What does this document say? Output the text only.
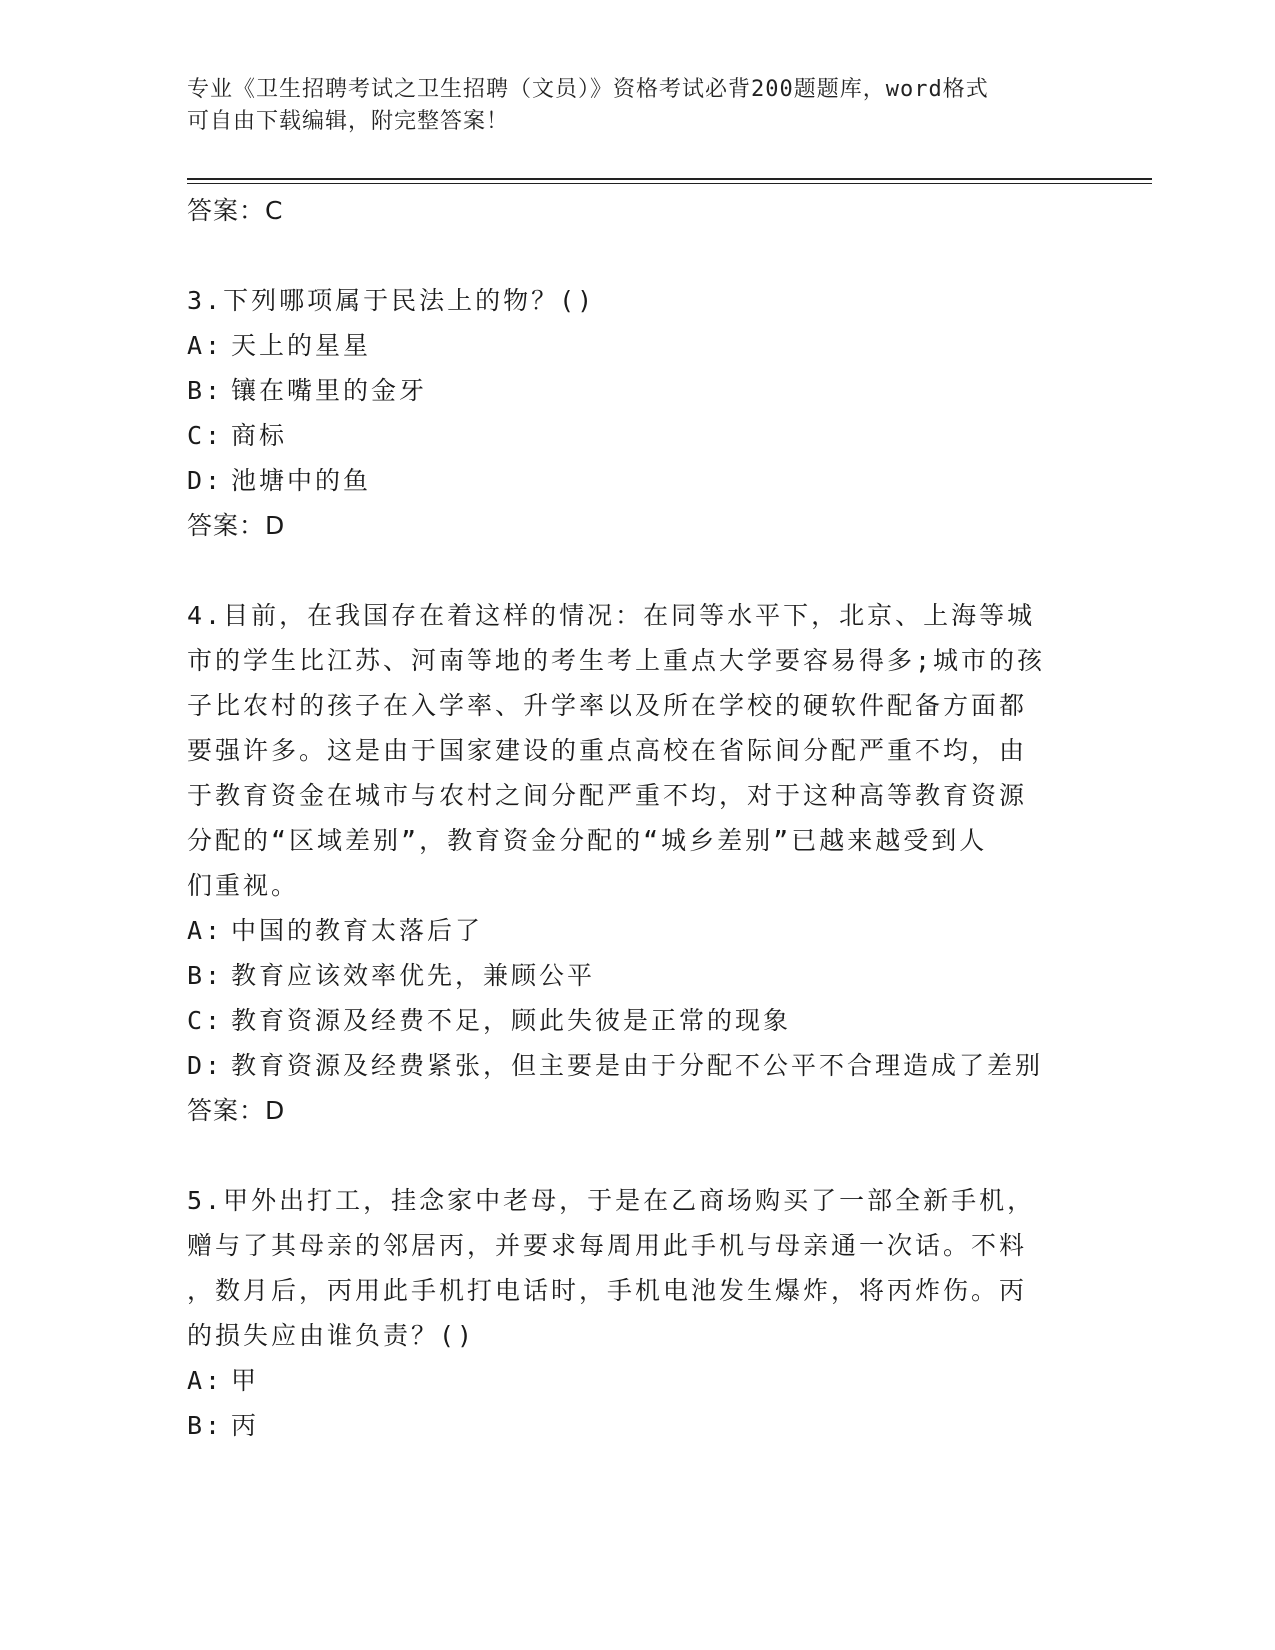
专业《卫生招聘考试之卫生招聘（文员）》资格考试必背200题题库，word格式

可自由下载编辑，附完整答案！

答案：C

3.下列哪项属于民法上的物？()

A: 天上的星星

B: 镶在嘴里的金牙

C: 商标

D: 池塘中的鱼

答案：D

4.目前，在我国存在着这样的情况：在同等水平下，北京、上海等城

市的学生比江苏、河南等地的考生考上重点大学要容易得多;城市的孩

子比农村的孩子在入学率、升学率以及所在学校的硬软件配备方面都

要强许多。这是由于国家建设的重点高校在省际间分配严重不均，由

于教育资金在城市与农村之间分配严重不均，对于这种高等教育资源

分配的“区域差别”，教育资金分配的“城乡差别”已越来越受到人

们重视。

A: 中国的教育太落后了

B: 教育应该效率优先，兼顾公平

C: 教育资源及经费不足，顾此失彼是正常的现象

D: 教育资源及经费紧张，但主要是由于分配不公平不合理造成了差别

答案：D

5.甲外出打工，挂念家中老母，于是在乙商场购买了一部全新手机，

赠与了其母亲的邻居丙，并要求每周用此手机与母亲通一次话。不料

，数月后，丙用此手机打电话时，手机电池发生爆炸，将丙炸伤。丙

的损失应由谁负责？()

A: 甲

B: 丙
